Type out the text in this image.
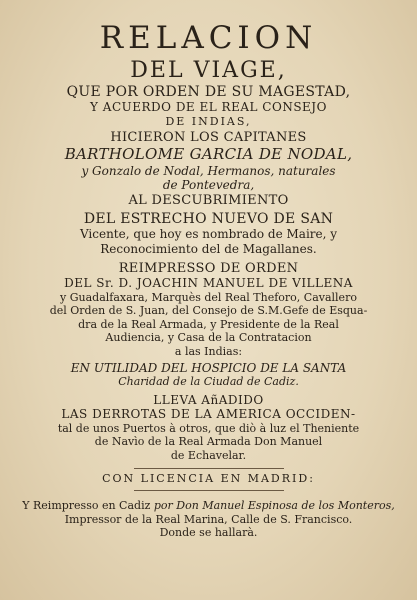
RELACION
DEL VIAGE,
QUE POR ORDEN DE SU MAGESTAD,
Y ACUERDO DE EL REAL CONSEJO
DE INDIAS,
HICIERON LOS CAPITANES
BARTHOLOME GARCIA DE NODAL,
y Gonzalo de Nodal, Hermanos, naturales
de Pontevedra,
AL DESCUBRIMIENTO
DEL ESTRECHO NUEVO DE SAN
Vicente, que hoy es nombrado de Maire, y
Reconocimiento del de Magallanes.
REIMPRESSO DE ORDEN
DEL Sr. D. JOACHIN MANUEL DE VILLENA
y Guadalfaxara, Marquès del Real Theforo, Cavallero
del Orden de S. Juan, del Consejo de S.M.Gefe de Esqua-
dra de la Real Armada, y Presidente de la Real
Audiencia, y Casa de la Contratacion
a las Indias:
EN UTILIDAD DEL HOSPICIO DE LA SANTA
Charidad de la Ciudad de Cadiz.
LLEVA AñADIDO
LAS DERROTAS DE LA AMERICA OCCIDEN-
tal de unos Puertos à otros, que diò à luz el Theniente
de Navìo de la Real Armada Don Manuel
de Echavelar.
CON LICENCIA EN MADRID:
Y Reimpresso en Cadiz por Don Manuel Espinosa de los Monteros,
Impressor de la Real Marina, Calle de S. Francisco.
Donde se hallarà.
